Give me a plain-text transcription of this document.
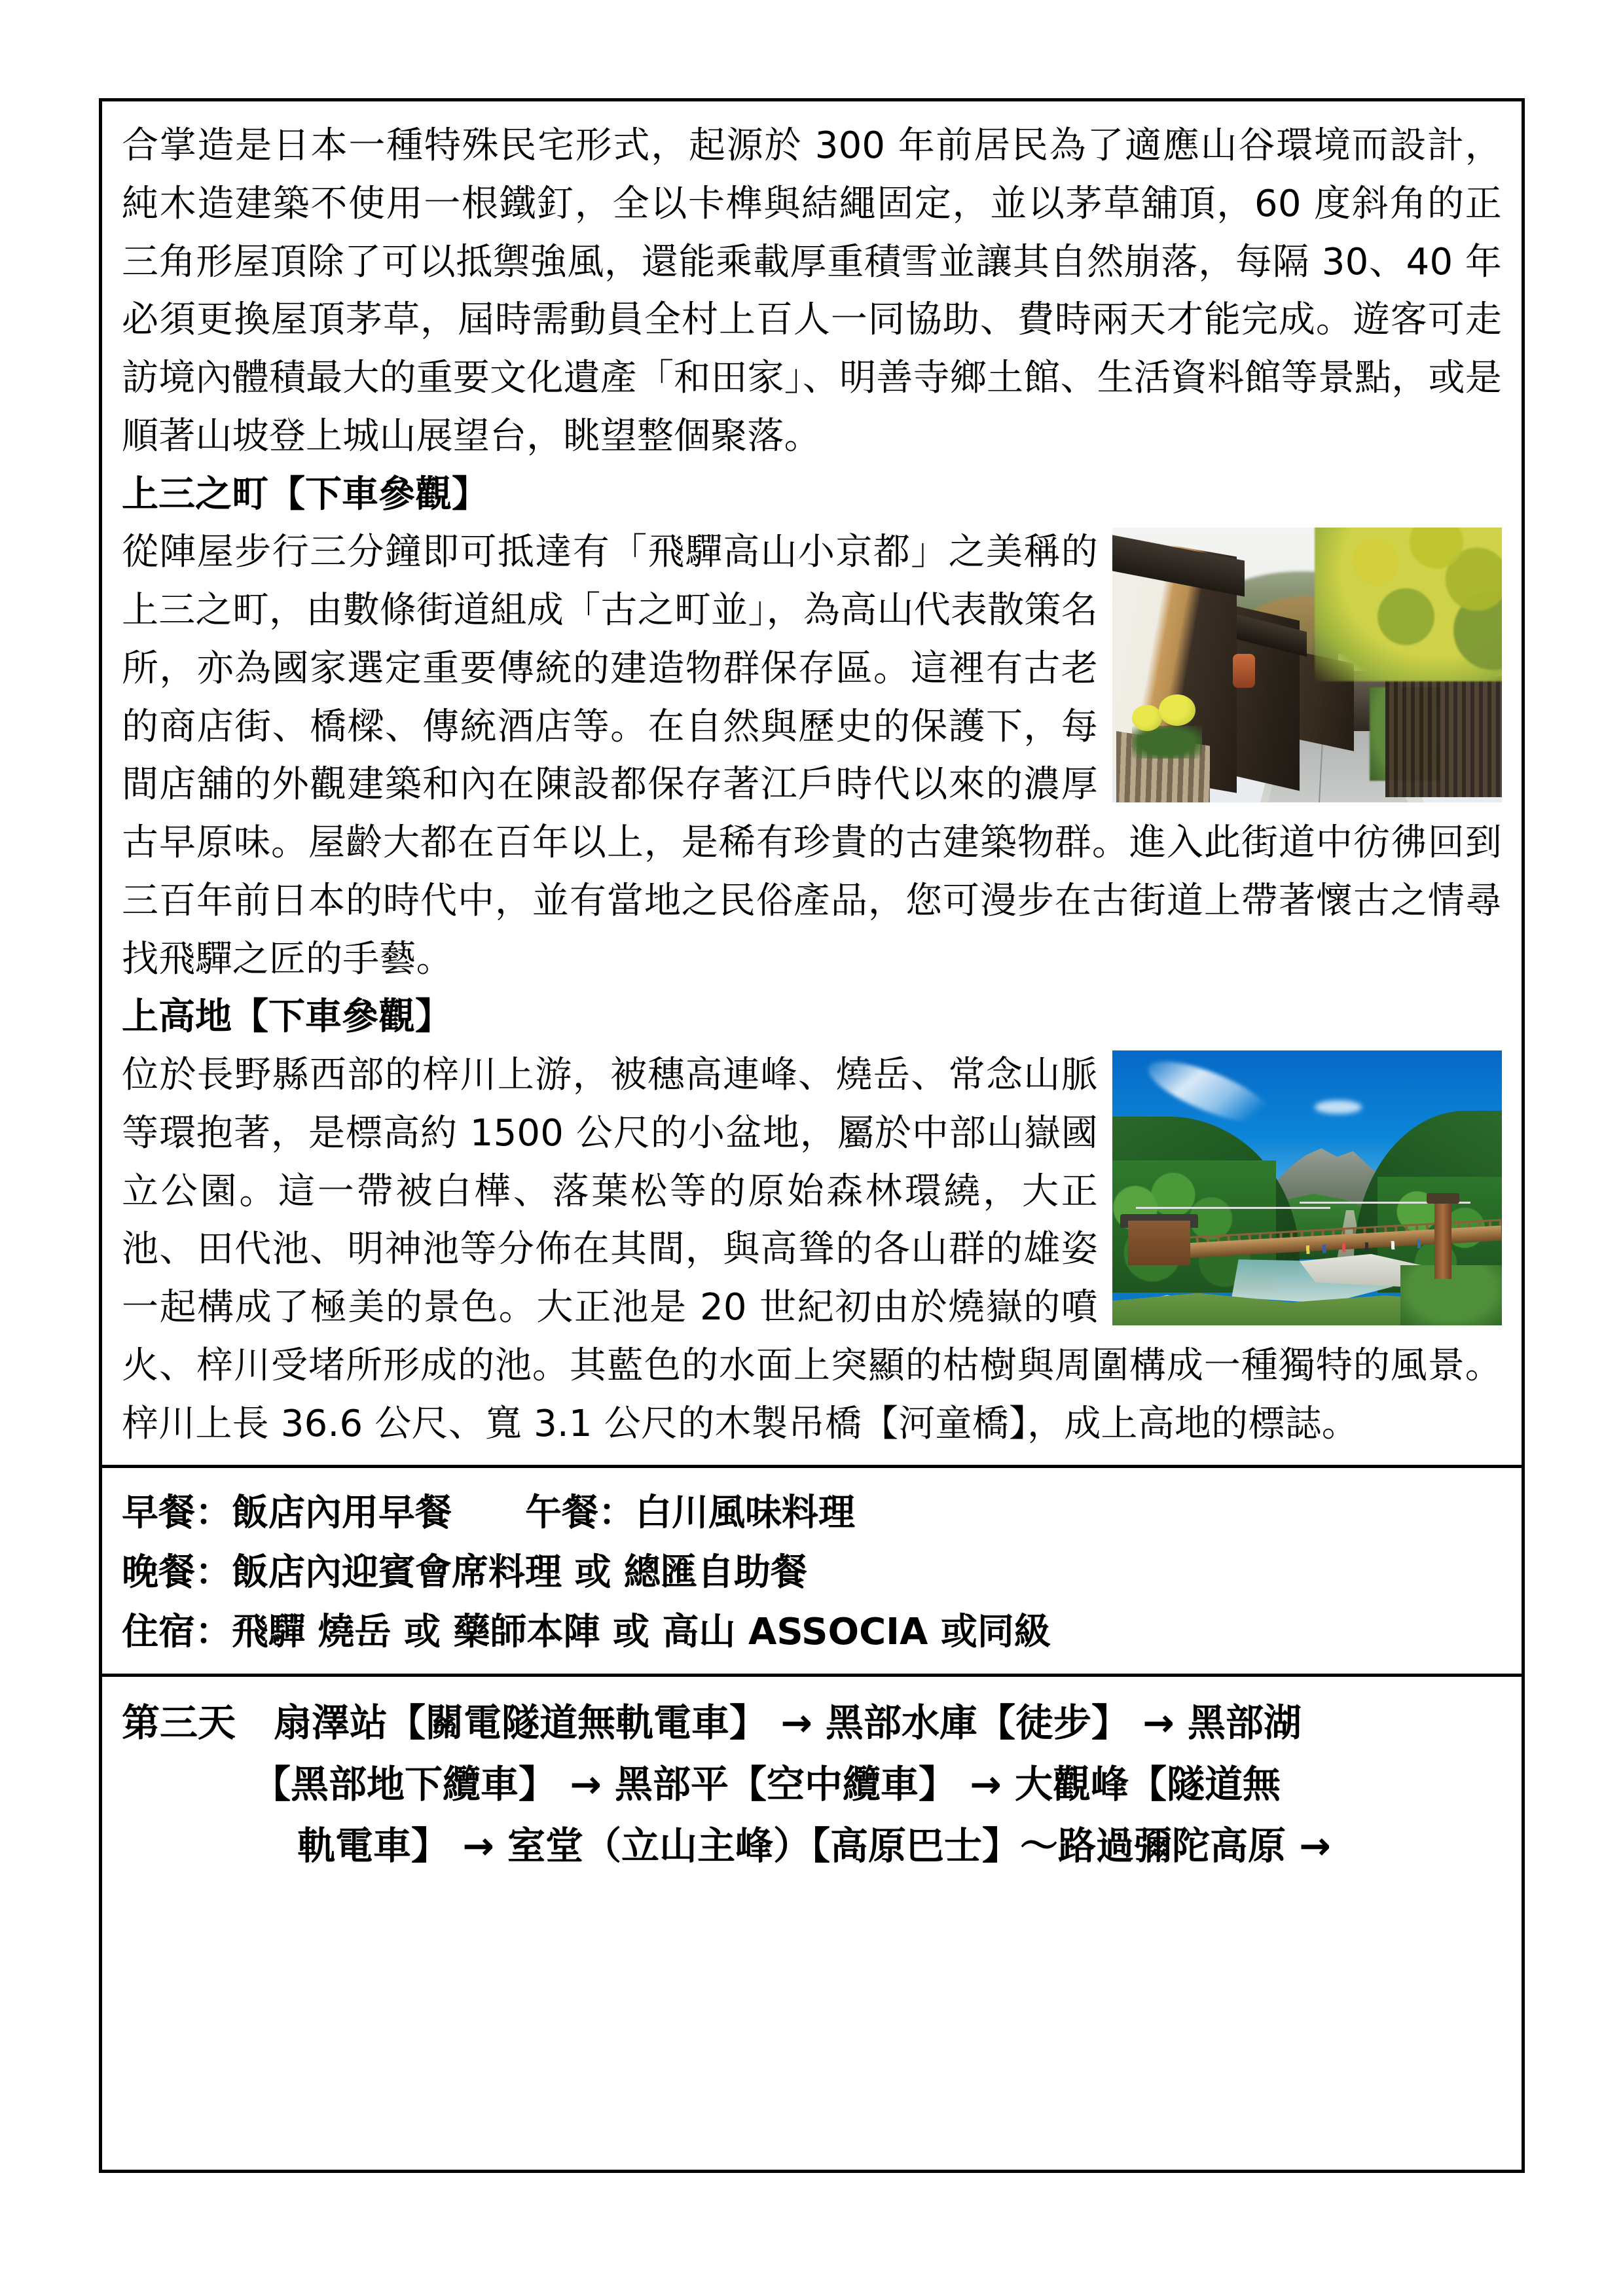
合掌造是日本一種特殊民宅形式，起源於 300 年前居民為了適應山谷環境而設計，純木造建築不使用一根鐵釘，全以卡榫與結繩固定，並以茅草舖頂，60 度斜角的正三角形屋頂除了可以抵禦強風，還能乘載厚重積雪並讓其自然崩落，每隔 30、40 年必須更換屋頂茅草，屆時需動員全村上百人一同協助、費時兩天才能完成。遊客可走訪境內體積最大的重要文化遺產「和田家」、明善寺鄉土館、生活資料館等景點，或是順著山坡登上城山展望台，眺望整個聚落。

上三之町【下車參觀】

從陣屋步行三分鐘即可抵達有「飛驒高山小京都」之美稱的上三之町，由數條街道組成「古之町並」，為高山代表散策名所，亦為國家選定重要傳統的建造物群保存區。這裡有古老的商店街、橋樑、傳統酒店等。在自然與歷史的保護下，每間店舖的外觀建築和內在陳設都保存著江戶時代以來的濃厚古早原味。屋齡大都在百年以上，是稀有珍貴的古建築物群。進入此街道中彷彿回到三百年前日本的時代中，並有當地之民俗產品，您可漫步在古街道上帶著懷古之情尋找飛驒之匠的手藝。

上高地【下車參觀】

位於長野縣西部的梓川上游，被穗高連峰、燒岳、常念山脈等環抱著，是標高約 1500 公尺的小盆地，屬於中部山嶽國立公園。這一帶被白樺、落葉松等的原始森林環繞，大正池、田代池、明神池等分佈在其間，與高聳的各山群的雄姿一起構成了極美的景色。大正池是 20 世紀初由於燒嶽的噴火、梓川受堵所形成的池。其藍色的水面上突顯的枯樹與周圍構成一種獨特的風景。梓川上長 36.6 公尺、寬 3.1 公尺的木製吊橋【河童橋】，成上高地的標誌。

早餐：飯店內用早餐　　午餐：白川風味料理

晚餐：飯店內迎賓會席料理 或 總匯自助餐

住宿：飛驒 燒岳 或 藥師本陣 或 高山 ASSOCIA 或同級

第三天　扇澤站【關電隧道無軌電車】 → 黑部水庫【徒步】 → 黑部湖
【黑部地下纜車】 → 黑部平【空中纜車】 → 大觀峰【隧道無
軌電車】 → 室堂（立山主峰）【高原巴士】～路過彌陀高原 →
